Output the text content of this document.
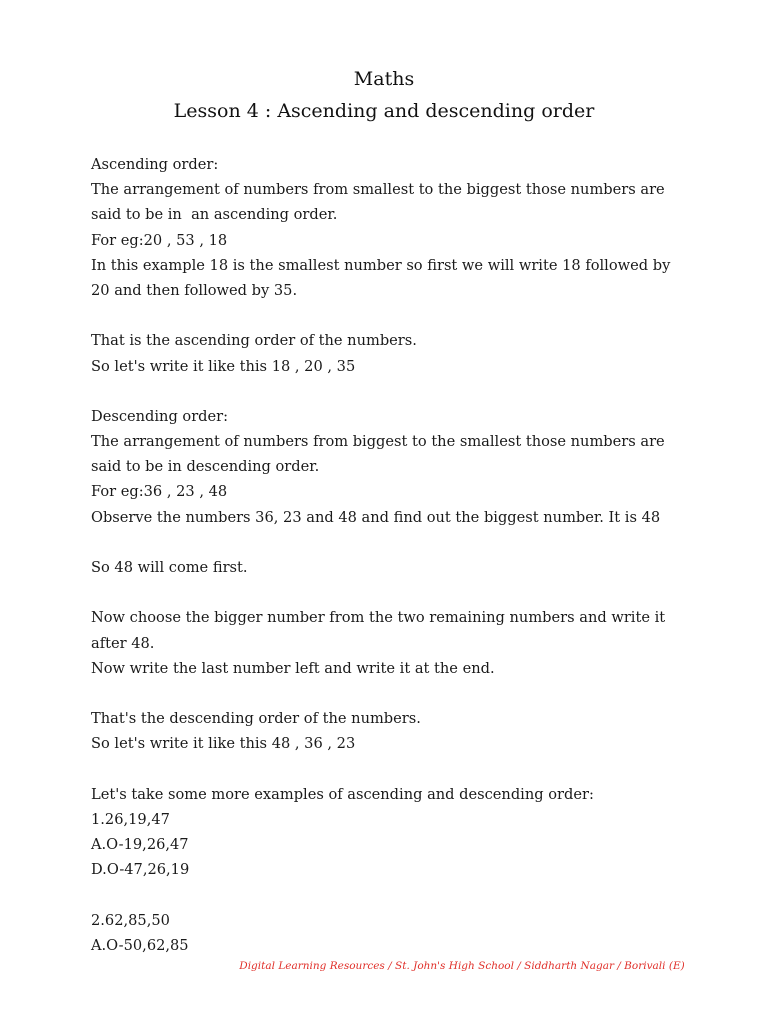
Maths
Lesson 4 : Ascending and descending order
Ascending order:
The arrangement of numbers from smallest to the biggest those numbers are
said to be in  an ascending order.
For eg:20 , 53 , 18
In this example 18 is the smallest number so first we will write 18 followed by
20 and then followed by 35.
That is the ascending order of the numbers.
So let's write it like this 18 , 20 , 35
Descending order:
The arrangement of numbers from biggest to the smallest those numbers are
said to be in descending order.
For eg:36 , 23 , 48
Observe the numbers 36, 23 and 48 and find out the biggest number. It is 48
So 48 will come first.
Now choose the bigger number from the two remaining numbers and write it
after 48.
Now write the last number left and write it at the end.
That's the descending order of the numbers.
So let's write it like this 48 , 36 , 23
Let's take some more examples of ascending and descending order:
1.26,19,47
A.O-19,26,47
D.O-47,26,19
2.62,85,50
A.O-50,62,85
Digital Learning Resources / St. John's High School / Siddharth Nagar / Borivali (E)
